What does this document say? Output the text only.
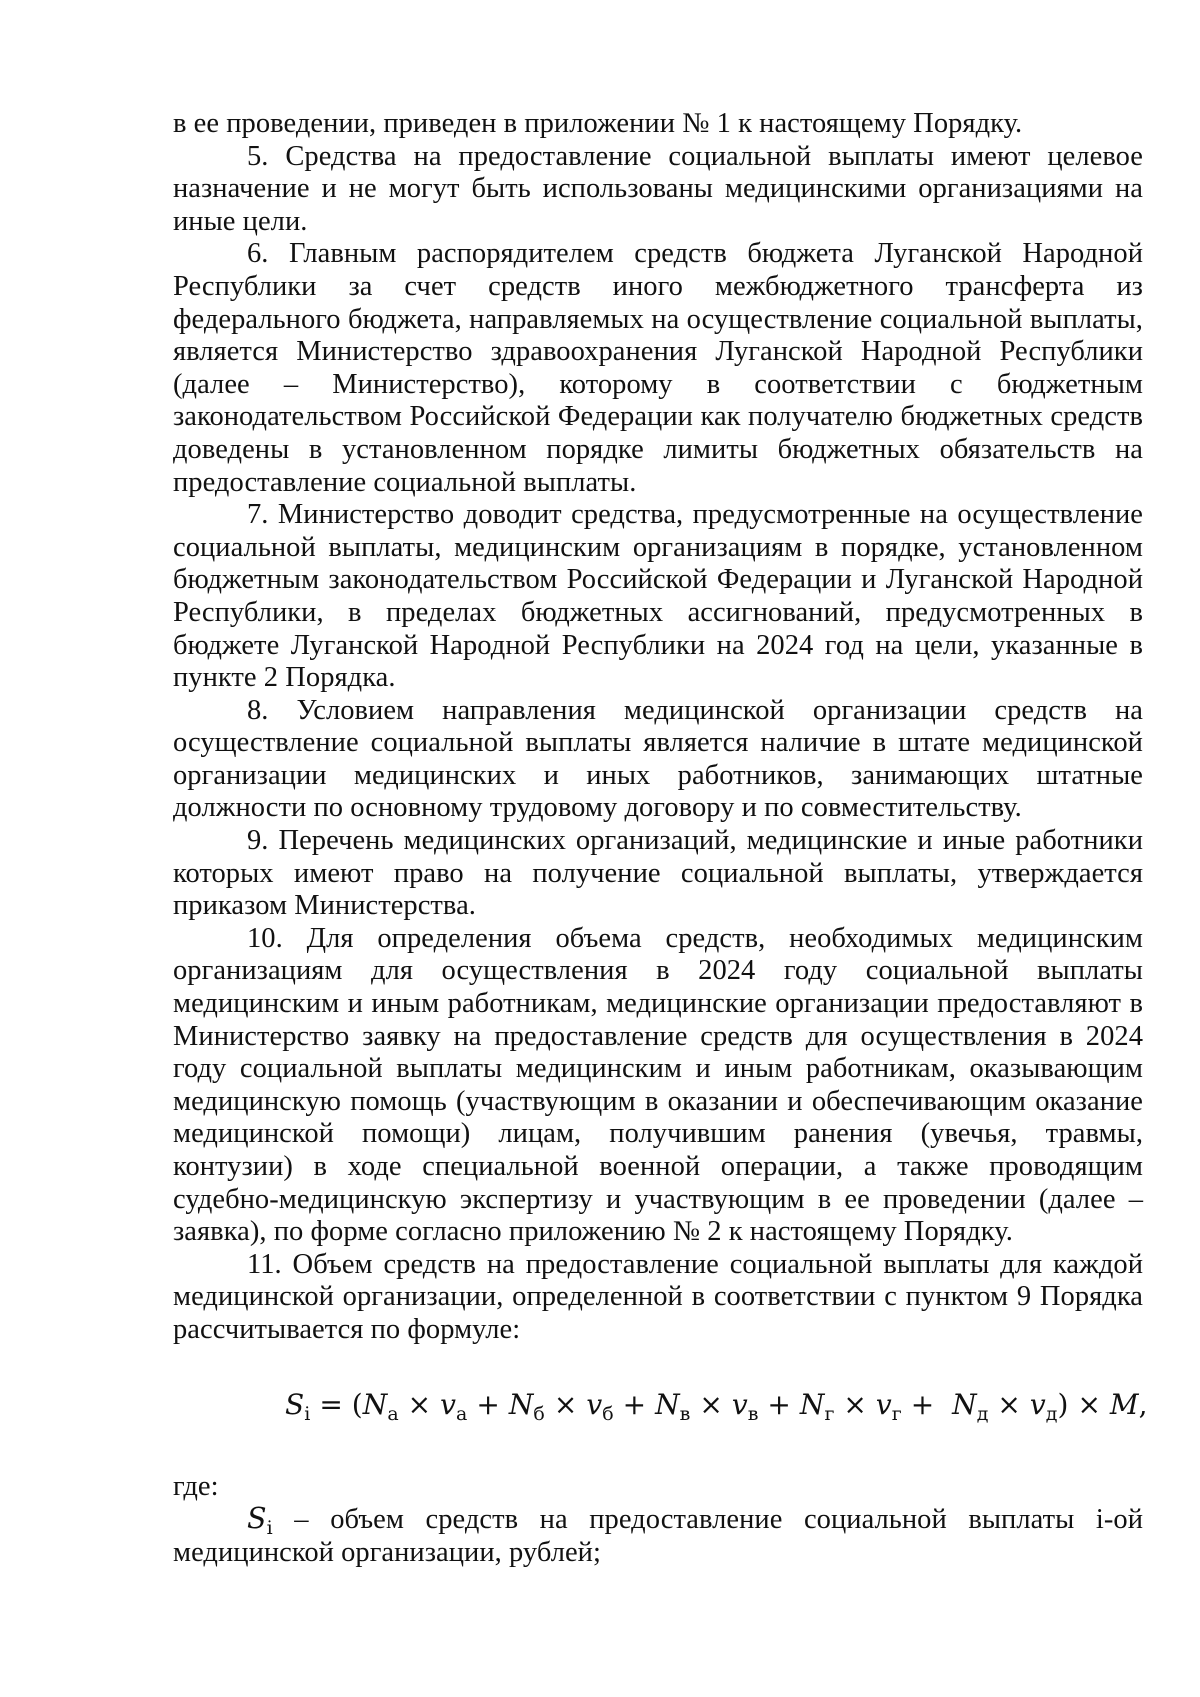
в ее проведении, приведен в приложении № 1 к настоящему Порядку.

5. Средства на предоставление социальной выплаты имеют целевое назначение и не могут быть использованы медицинскими организациями на иные цели.

6. Главным распорядителем средств бюджета Луганской Народной Республики за счет средств иного межбюджетного трансферта из федерального бюджета, направляемых на осуществление социальной выплаты, является Министерство здравоохранения Луганской Народной Республики (далее – Министерство), которому в соответствии с бюджетным законодательством Российской Федерации как получателю бюджетных средств доведены в установленном порядке лимиты бюджетных обязательств на предоставление социальной выплаты.

7. Министерство доводит средства, предусмотренные на осуществление социальной выплаты, медицинским организациям в порядке, установленном бюджетным законодательством Российской Федерации и Луганской Народной Республики, в пределах бюджетных ассигнований, предусмотренных в бюджете Луганской Народной Республики на 2024 год на цели, указанные в пункте 2 Порядка.

8. Условием направления медицинской организации средств на осуществление социальной выплаты является наличие в штате медицинской организации медицинских и иных работников, занимающих штатные должности по основному трудовому договору и по совместительству.

9. Перечень медицинских организаций, медицинские и иные работники которых имеют право на получение социальной выплаты, утверждается приказом Министерства.

10. Для определения объема средств, необходимых медицинским организациям для осуществления в 2024 году социальной выплаты медицинским и иным работникам, медицинские организации предоставляют в Министерство заявку на предоставление средств для осуществления в 2024 году социальной выплаты медицинским и иным работникам, оказывающим медицинскую помощь (участвующим в оказании и обеспечивающим оказание медицинской помощи) лицам, получившим ранения (увечья, травмы, контузии) в ходе специальной военной операции, а также проводящим судебно-медицинскую экспертизу и участвующим в ее проведении (далее – заявка), по форме согласно приложению № 2 к настоящему Порядку.

11. Объем средств на предоставление социальной выплаты для каждой медицинской организации, определенной в соответствии с пунктом 9 Порядка рассчитывается по формуле:

$S_i = (N_а \times v_а + N_б \times v_б + N_в \times v_в + N_г \times v_г + N_д \times v_д) \times M$,

где:

$S_i$ – объем средств на предоставление социальной выплаты i-ой медицинской организации, рублей;
